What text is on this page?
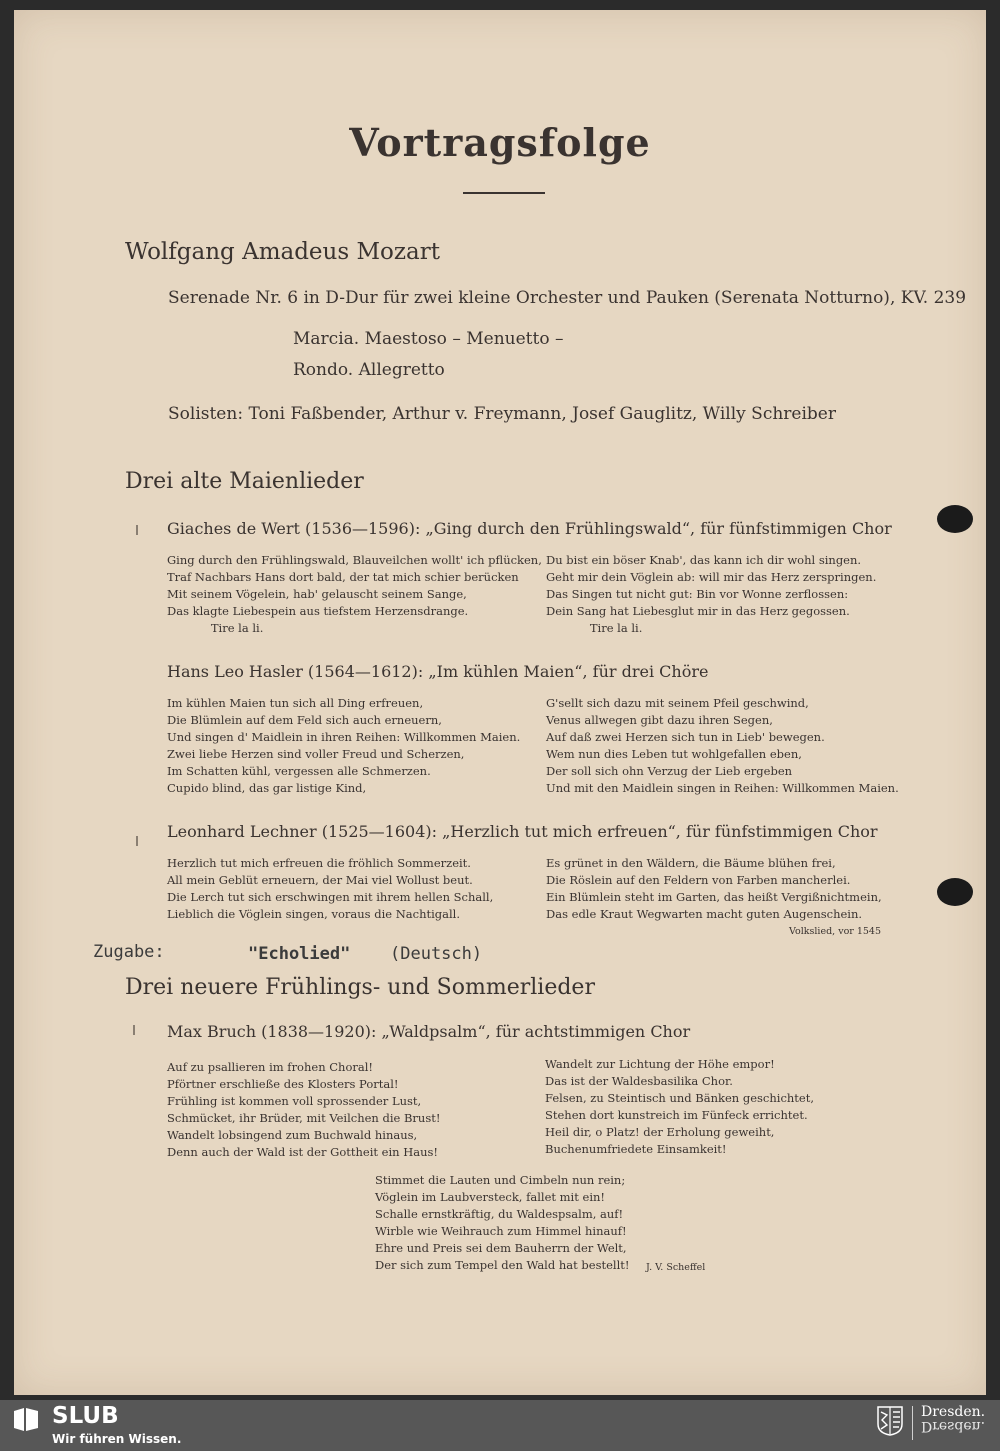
Vortragsfolge
Wolfgang Amadeus Mozart
Serenade Nr. 6 in D-Dur für zwei kleine Orchester und Pauken (Serenata Notturno), KV. 239
Marcia. Maestoso – Menuetto –
Rondo. Allegretto
Solisten: Toni Faßbender, Arthur v. Freymann, Josef Gauglitz, Willy Schreiber
Drei alte Maienlieder
Giaches de Wert (1536—1596): „Ging durch den Frühlingswald“, für fünfstimmigen Chor
Ging durch den Frühlingswald, Blauveilchen wollt' ich pflücken,
Traf Nachbars Hans dort bald, der tat mich schier berücken
Mit seinem Vögelein, hab' gelauscht seinem Sange,
Das klagte Liebespein aus tiefstem Herzensdrange.
Tire la li.
Du bist ein böser Knab', das kann ich dir wohl singen.
Geht mir dein Vöglein ab: will mir das Herz zerspringen.
Das Singen tut nicht gut: Bin vor Wonne zerflossen:
Dein Sang hat Liebesglut mir in das Herz gegossen.
Tire la li.
Hans Leo Hasler (1564—1612): „Im kühlen Maien“, für drei Chöre
Im kühlen Maien tun sich all Ding erfreuen,
Die Blümlein auf dem Feld sich auch erneuern,
Und singen d' Maidlein in ihren Reihen: Willkommen Maien.
Zwei liebe Herzen sind voller Freud und Scherzen,
Im Schatten kühl, vergessen alle Schmerzen.
Cupido blind, das gar listige Kind,
G'sellt sich dazu mit seinem Pfeil geschwind,
Venus allwegen gibt dazu ihren Segen,
Auf daß zwei Herzen sich tun in Lieb' bewegen.
Wem nun dies Leben tut wohlgefallen eben,
Der soll sich ohn Verzug der Lieb ergeben
Und mit den Maidlein singen in Reihen: Willkommen Maien.
Leonhard Lechner (1525—1604): „Herzlich tut mich erfreuen“, für fünfstimmigen Chor
Herzlich tut mich erfreuen die fröhlich Sommerzeit.
All mein Geblüt erneuern, der Mai viel Wollust beut.
Die Lerch tut sich erschwingen mit ihrem hellen Schall,
Lieblich die Vöglein singen, voraus die Nachtigall.
Es grünet in den Wäldern, die Bäume blühen frei,
Die Röslein auf den Feldern von Farben mancherlei.
Ein Blümlein steht im Garten, das heißt Vergißnichtmein,
Das edle Kraut Wegwarten macht guten Augenschein.
Volkslied, vor 1545
Zugabe:	"Echolied" (Deutsch)
Drei neuere Frühlings- und Sommerlieder
Max Bruch (1838—1920): „Waldpsalm“, für achtstimmigen Chor
Auf zu psallieren im frohen Choral!
Pförtner erschließe des Klosters Portal!
Frühling ist kommen voll sprossender Lust,
Schmücket, ihr Brüder, mit Veilchen die Brust!
Wandelt lobsingend zum Buchwald hinaus,
Denn auch der Wald ist der Gottheit ein Haus!
Wandelt zur Lichtung der Höhe empor!
Das ist der Waldesbasilika Chor.
Felsen, zu Steintisch und Bänken geschichtet,
Stehen dort kunstreich im Fünfeck errichtet.
Heil dir, o Platz! der Erholung geweiht,
Buchenumfriedete Einsamkeit!
Stimmet die Lauten und Cimbeln nun rein;
Vöglein im Laubversteck, fallet mit ein!
Schalle ernstkräftig, du Waldespsalm, auf!
Wirble wie Weihrauch zum Himmel hinauf!
Ehre und Preis sei dem Bauherrn der Welt,
Der sich zum Tempel den Wald hat bestellt! J. V. Scheffel
SLUB
Wir führen Wissen.
Dresden.
Dresden.
